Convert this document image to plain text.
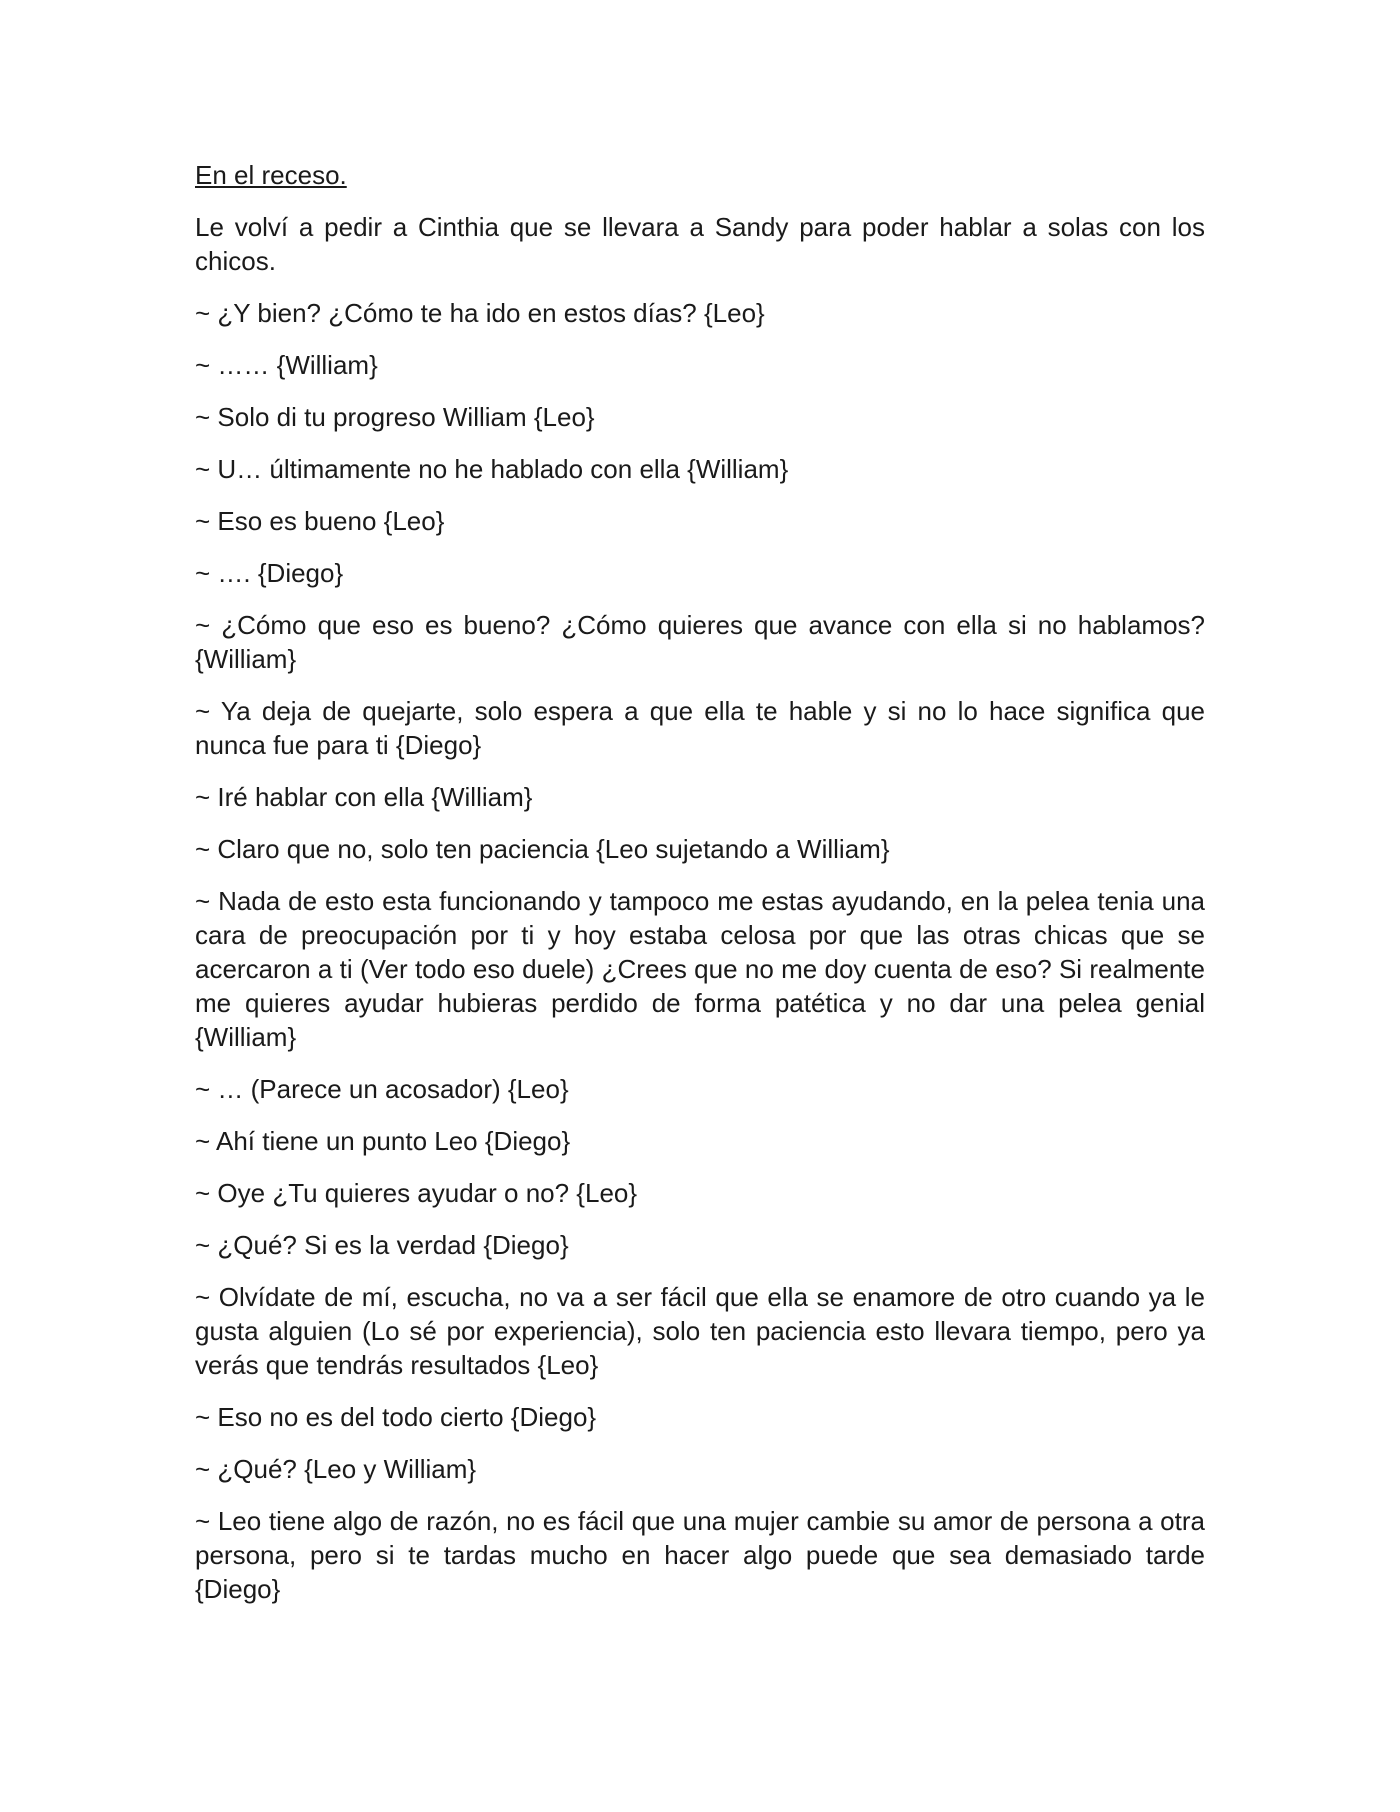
En el receso.

Le volví a pedir a Cinthia que se llevara a Sandy para poder hablar a solas con los chicos.

~ ¿Y bien? ¿Cómo te ha ido en estos días? {Leo}

~ …… {William}

~ Solo di tu progreso William {Leo}

~ U… últimamente no he hablado con ella {William}

~ Eso es bueno {Leo}

~ …. {Diego}

~ ¿Cómo que eso es bueno? ¿Cómo quieres que avance con ella si no hablamos? {William}

~ Ya deja de quejarte, solo espera a que ella te hable y si no lo hace significa que nunca fue para ti {Diego}

~ Iré hablar con ella {William}

~ Claro que no, solo ten paciencia {Leo sujetando a William}

~ Nada de esto esta funcionando y tampoco me estas ayudando, en la pelea tenia una cara de preocupación por ti y hoy estaba celosa por que las otras chicas que se acercaron a ti (Ver todo eso duele) ¿Crees que no me doy cuenta de eso? Si realmente me quieres ayudar hubieras perdido de forma patética y no dar una pelea genial {William}

~ … (Parece un acosador) {Leo}

~ Ahí tiene un punto Leo {Diego}

~ Oye ¿Tu quieres ayudar o no? {Leo}

~ ¿Qué? Si es la verdad {Diego}

~ Olvídate de mí, escucha, no va a ser fácil que ella se enamore de otro cuando ya le gusta alguien (Lo sé por experiencia), solo ten paciencia esto llevara tiempo, pero ya verás que tendrás resultados {Leo}

~ Eso no es del todo cierto {Diego}

~ ¿Qué? {Leo y William}

~ Leo tiene algo de razón, no es fácil que una mujer cambie su amor de persona a otra persona, pero si te tardas mucho en hacer algo puede que sea demasiado tarde {Diego}
